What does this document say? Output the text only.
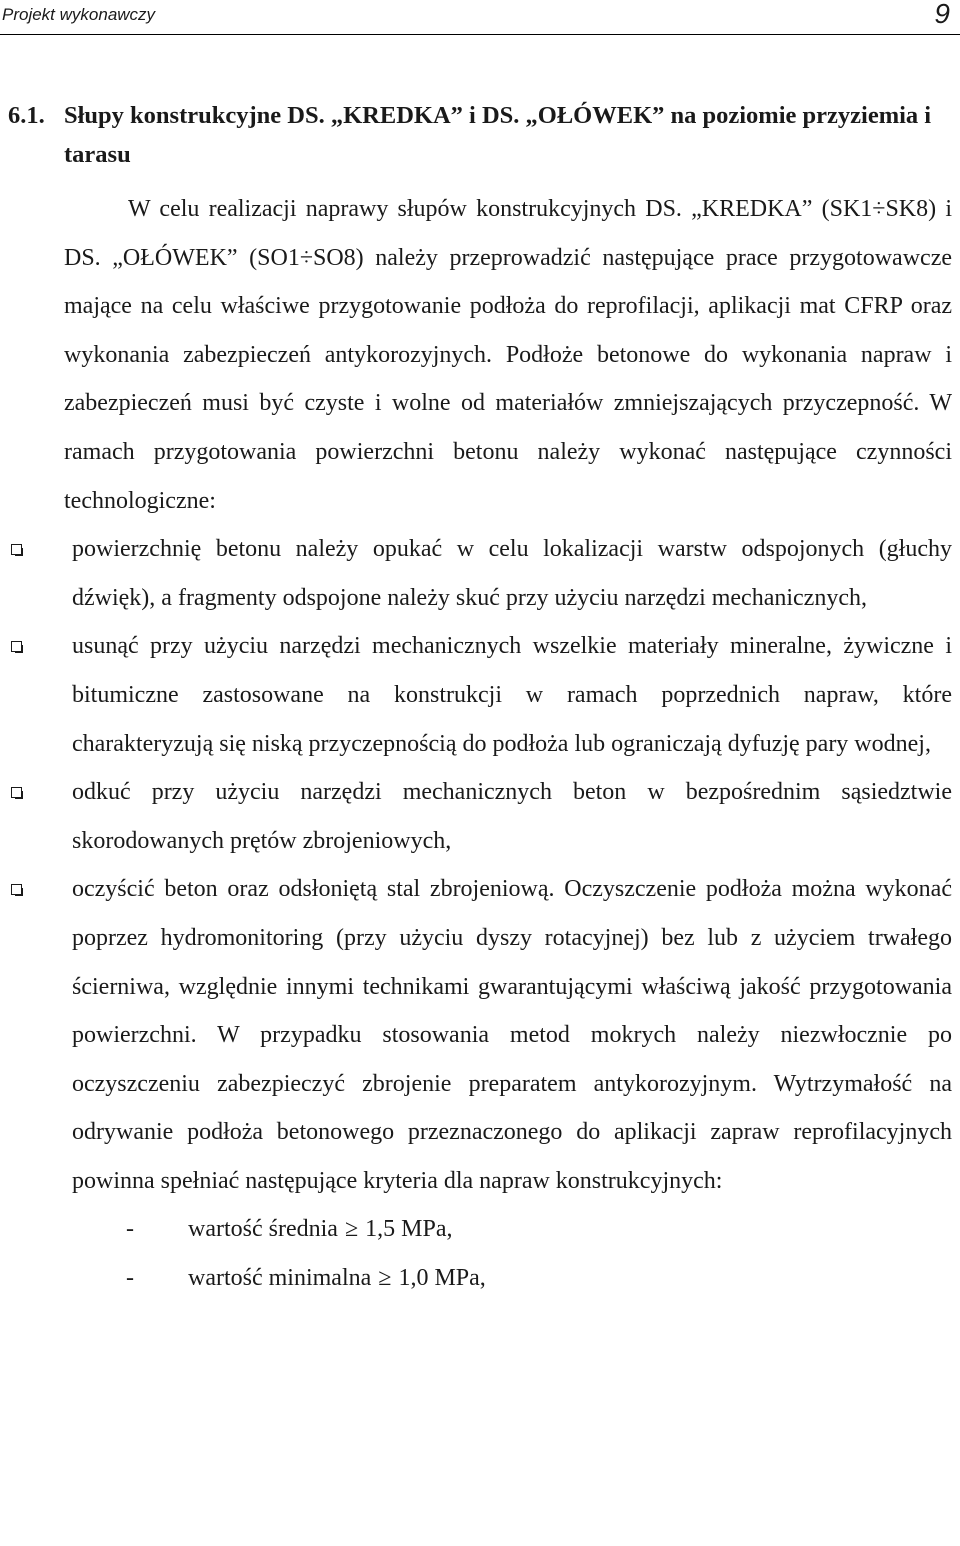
Projekt wykonawczy	9
6.1. Słupy konstrukcyjne DS. „KREDKA” i DS. „OŁÓWEK” na poziomie przyziemia i tarasu

W celu realizacji naprawy słupów konstrukcyjnych DS. „KREDKA” (SK1÷SK8) i DS. „OŁÓWEK” (SO1÷SO8) należy przeprowadzić następujące prace przygotowawcze mające na celu właściwe przygotowanie podłoża do reprofilacji, aplikacji mat CFRP oraz wykonania zabezpieczeń antykorozyjnych. Podłoże betonowe do wykonania napraw i zabezpieczeń musi być czyste i wolne od materiałów zmniejszających przyczepność. W ramach przygotowania powierzchni betonu należy wykonać następujące czynności technologiczne:

powierzchnię betonu należy opukać w celu lokalizacji warstw odspojonych (głuchy dźwięk), a fragmenty odspojone należy skuć przy użyciu narzędzi mechanicznych,
usunąć przy użyciu narzędzi mechanicznych wszelkie materiały mineralne, żywiczne i bitumiczne zastosowane na konstrukcji w ramach poprzednich napraw, które charakteryzują się niską przyczepnością do podłoża lub ograniczają dyfuzję pary wodnej,
odkuć przy użyciu narzędzi mechanicznych beton w bezpośrednim sąsiedztwie skorodowanych prętów zbrojeniowych,
oczyścić beton oraz odsłoniętą stal zbrojeniową. Oczyszczenie podłoża można wykonać poprzez hydromonitoring (przy użyciu dyszy rotacyjnej) bez lub z użyciem trwałego ścierniwa, względnie innymi technikami gwarantującymi właściwą jakość przygotowania powierzchni. W przypadku stosowania metod mokrych należy niezwłocznie po oczyszczeniu zabezpieczyć zbrojenie preparatem antykorozyjnym. Wytrzymałość na odrywanie podłoża betonowego przeznaczonego do aplikacji zapraw reprofilacyjnych powinna spełniać następujące kryteria dla napraw konstrukcyjnych:
- wartość średnia ≥ 1,5 MPa,
- wartość minimalna ≥ 1,0 MPa,
